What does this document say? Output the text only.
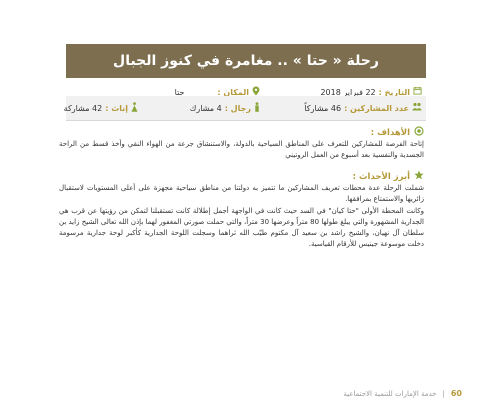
رحلة « حتا » .. مغامرة في كنوز الجبال
التاريخ :
22 فبراير 2018
المكان :
حتا
عدد المشاركين :
46 مشاركاً
رجال :
4 مشارك
إناث :
42 مشاركة
الأهداف :
إتاحة الفرصة للمشاركين للتعرف على المناطق السياحية بالدولة، والاستنشاق جرعة من الهواء النقي وأخذ قسط من الراحة الجسدية والنفسية بعد أسبوع من العمل الروتيني
أبرز الأحداث :
شملت الرحلة عدة محطات تعريف المشاركين ما تتميز به دولتنا من مناطق سياحية مجهزة على أعلى المستويات لاستقبال زائريها والاستمتاع بمرافقها.
وكانت المحطة الأولى "حتا كيان" في السد حيث كانت في الواجهة أجمل إطلالة كانت تستقبلنا لتمكن من رؤيتها عن قرب هي الجدارية المشهورة والتي يبلغ طولها 80 متراً وعرضها 30 متراً، والتي حملت صورتي المغفور لهما بإذن الله تعالى الشيخ زايد بن سلطان آل نهيان، والشيخ راشد بن سعيد آل مكتوم طيّب الله ثراهما وسجلت اللوحة الجدارية كأكبر لوحة جدارية مرسومة دخلت موسوعة جينيس للأرقام القياسية.
60
|
خدمة الإمارات للتنمية الاجتماعية
